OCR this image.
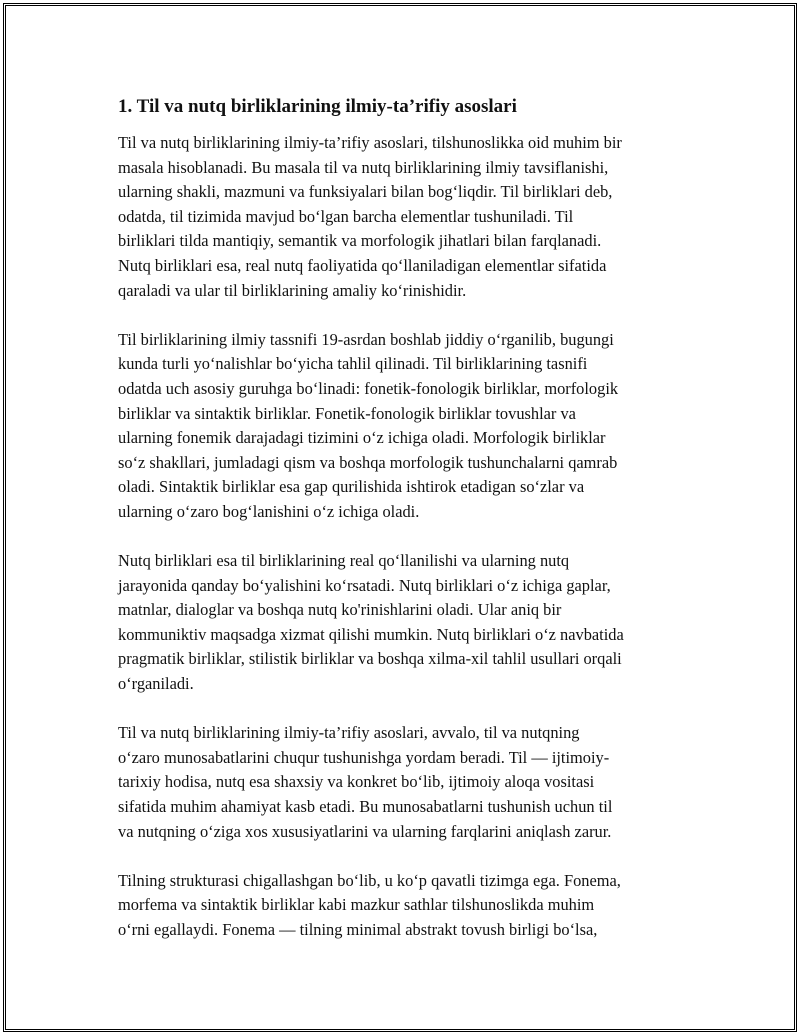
1. Til va nutq birliklarining ilmiy-ta’rifiy asoslari

Til va nutq birliklarining ilmiy-ta’rifiy asoslari, tilshunoslikka oid muhim bir
masala hisoblanadi. Bu masala til va nutq birliklarining ilmiy tavsiflanishi,
ularning shakli, mazmuni va funksiyalari bilan bog‘liqdir. Til birliklari deb,
odatda, til tizimida mavjud bo‘lgan barcha elementlar tushuniladi. Til
birliklari tilda mantiqiy, semantik va morfologik jihatlari bilan farqlanadi.
Nutq birliklari esa, real nutq faoliyatida qo‘llaniladigan elementlar sifatida
qaraladi va ular til birliklarining amaliy ko‘rinishidir.

Til birliklarining ilmiy tassnifi 19-asrdan boshlab jiddiy o‘rganilib, bugungi
kunda turli yo‘nalishlar bo‘yicha tahlil qilinadi. Til birliklarining tasnifi
odatda uch asosiy guruhga bo‘linadi: fonetik-fonologik birliklar, morfologik
birliklar va sintaktik birliklar. Fonetik-fonologik birliklar tovushlar va
ularning fonemik darajadagi tizimini o‘z ichiga oladi. Morfologik birliklar
so‘z shakllari, jumladagi qism va boshqa morfologik tushunchalarni qamrab
oladi. Sintaktik birliklar esa gap qurilishida ishtirok etadigan so‘zlar va
ularning o‘zaro bog‘lanishini o‘z ichiga oladi.

Nutq birliklari esa til birliklarining real qo‘llanilishi va ularning nutq
jarayonida qanday bo‘yalishini ko‘rsatadi. Nutq birliklari o‘z ichiga gaplar,
matnlar, dialoglar va boshqa nutq ko'rinishlarini oladi. Ular aniq bir
kommuniktiv maqsadga xizmat qilishi mumkin. Nutq birliklari o‘z navbatida
pragmatik birliklar, stilistik birliklar va boshqa xilma-xil tahlil usullari orqali
o‘rganiladi.

Til va nutq birliklarining ilmiy-ta’rifiy asoslari, avvalo, til va nutqning
o‘zaro munosabatlarini chuqur tushunishga yordam beradi. Til — ijtimoiy-
tarixiy hodisa, nutq esa shaxsiy va konkret bo‘lib, ijtimoiy aloqa vositasi
sifatida muhim ahamiyat kasb etadi. Bu munosabatlarni tushunish uchun til
va nutqning o‘ziga xos xususiyatlarini va ularning farqlarini aniqlash zarur.

Tilning strukturasi chigallashgan bo‘lib, u ko‘p qavatli tizimga ega. Fonema,
morfema va sintaktik birliklar kabi mazkur sathlar tilshunoslikda muhim
o‘rni egallaydi. Fonema — tilning minimal abstrakt tovush birligi bo‘lsa,
